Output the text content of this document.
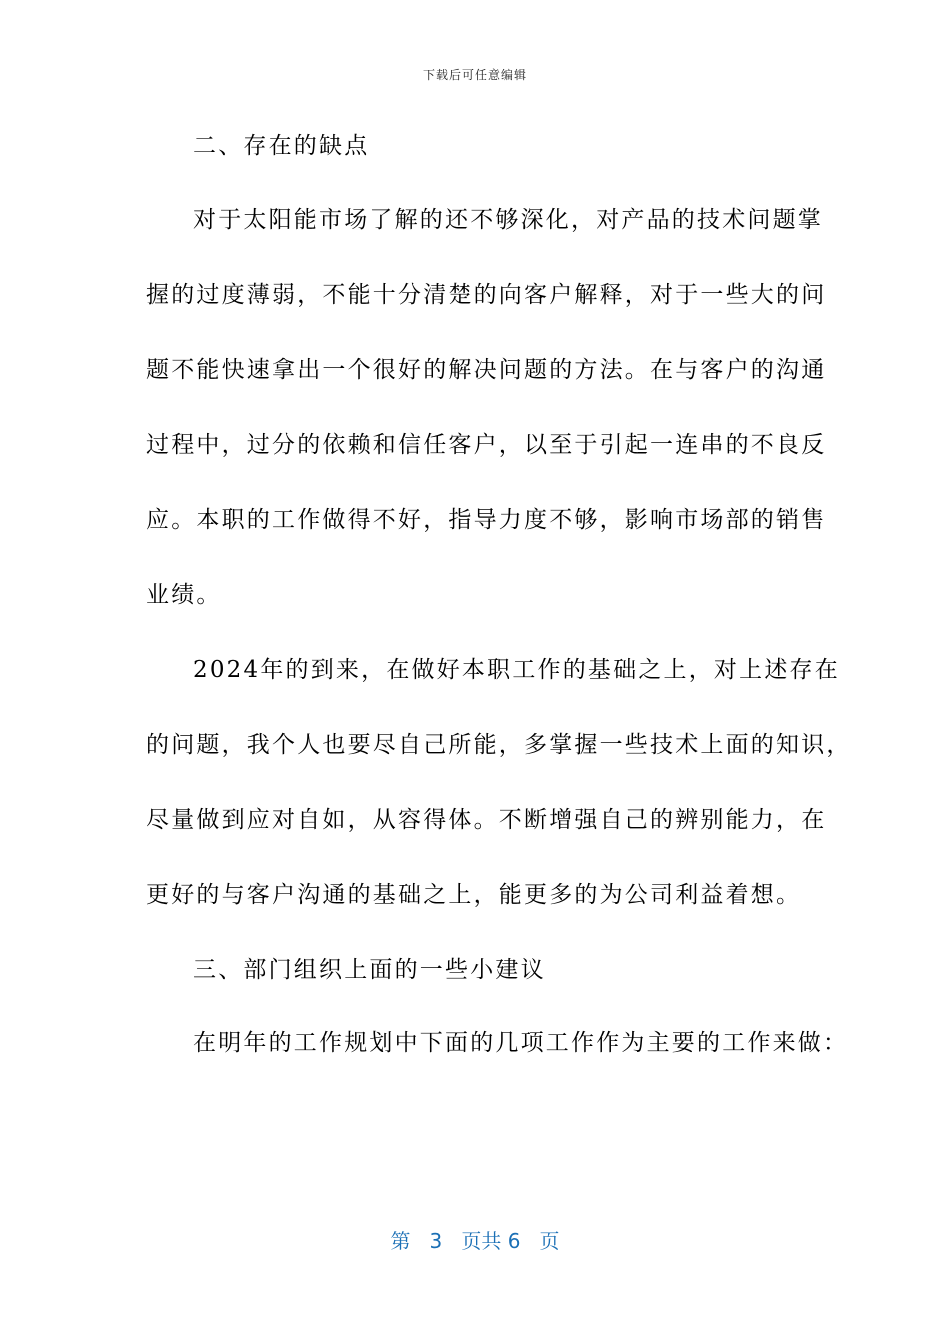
下载后可任意编辑
二、存在的缺点
对于太阳能市场了解的还不够深化，对产品的技术问题掌
握的过度薄弱，不能十分清楚的向客户解释，对于一些大的问
题不能快速拿出一个很好的解决问题的方法。在与客户的沟通
过程中，过分的依赖和信任客户，以至于引起一连串的不良反
应。本职的工作做得不好，指导力度不够，影响市场部的销售
业绩。
2024年的到来，在做好本职工作的基础之上，对上述存在
的问题，我个人也要尽自己所能，多掌握一些技术上面的知识，
尽量做到应对自如，从容得体。不断增强自己的辨别能力，在
更好的与客户沟通的基础之上，能更多的为公司利益着想。
三、部门组织上面的一些小建议
在明年的工作规划中下面的几项工作作为主要的工作来做：
第 3 页共 6 页
